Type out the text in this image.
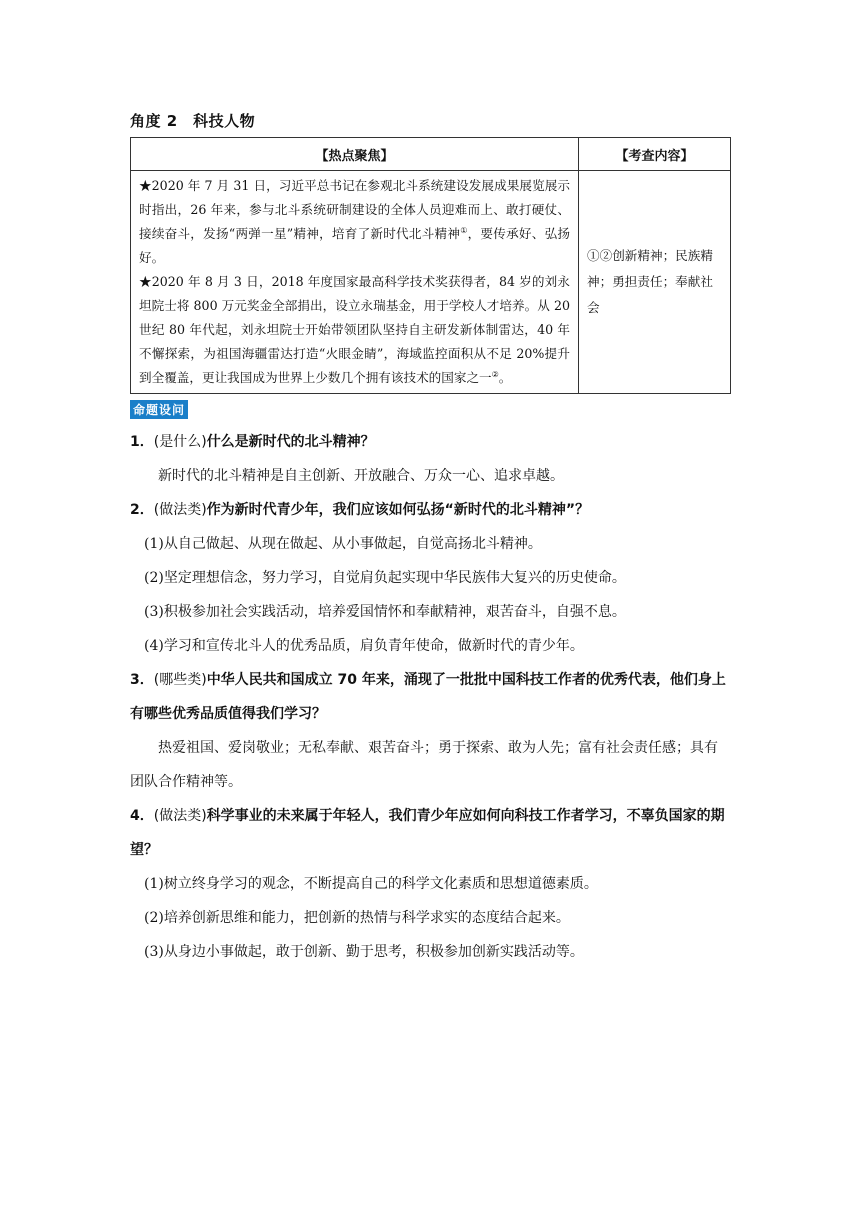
角度 2　科技人物

【热点聚焦】	【考查内容】

★2020 年 7 月 31 日，习近平总书记在参观北斗系统建设发展成果展览展示时指出，26 年来，参与北斗系统研制建设的全体人员迎难而上、敢打硬仗、接续奋斗，发扬“两弹一星”精神，培育了新时代北斗精神①，要传承好、弘扬好。

★2020 年 8 月 3 日，2018 年度国家最高科学技术奖获得者，84 岁的刘永坦院士将 800 万元奖金全部捐出，设立永瑞基金，用于学校人才培养。从 20 世纪 80 年代起，刘永坦院士开始带领团队坚持自主研发新体制雷达，40 年不懈探索，为祖国海疆雷达打造“火眼金睛”，海域监控面积从不足 20%提升到全覆盖，更让我国成为世界上少数几个拥有该技术的国家之一②。	①②创新精神；民族精神；勇担责任；奉献社会
命题设问

1．(是什么)什么是新时代的北斗精神？

新时代的北斗精神是自主创新、开放融合、万众一心、追求卓越。

2．(做法类)作为新时代青少年，我们应该如何弘扬“新时代的北斗精神”？

(1)从自己做起、从现在做起、从小事做起，自觉高扬北斗精神。

(2)坚定理想信念，努力学习，自觉肩负起实现中华民族伟大复兴的历史使命。

(3)积极参加社会实践活动，培养爱国情怀和奉献精神，艰苦奋斗，自强不息。

(4)学习和宣传北斗人的优秀品质，肩负青年使命，做新时代的青少年。

3．(哪些类)中华人民共和国成立 70 年来，涌现了一批批中国科技工作者的优秀代表，他们身上有哪些优秀品质值得我们学习？

热爱祖国、爱岗敬业；无私奉献、艰苦奋斗；勇于探索、敢为人先；富有社会责任感；具有团队合作精神等。

4．(做法类)科学事业的未来属于年轻人，我们青少年应如何向科技工作者学习，不辜负国家的期望？

(1)树立终身学习的观念，不断提高自己的科学文化素质和思想道德素质。

(2)培养创新思维和能力，把创新的热情与科学求实的态度结合起来。

(3)从身边小事做起，敢于创新、勤于思考，积极参加创新实践活动等。
